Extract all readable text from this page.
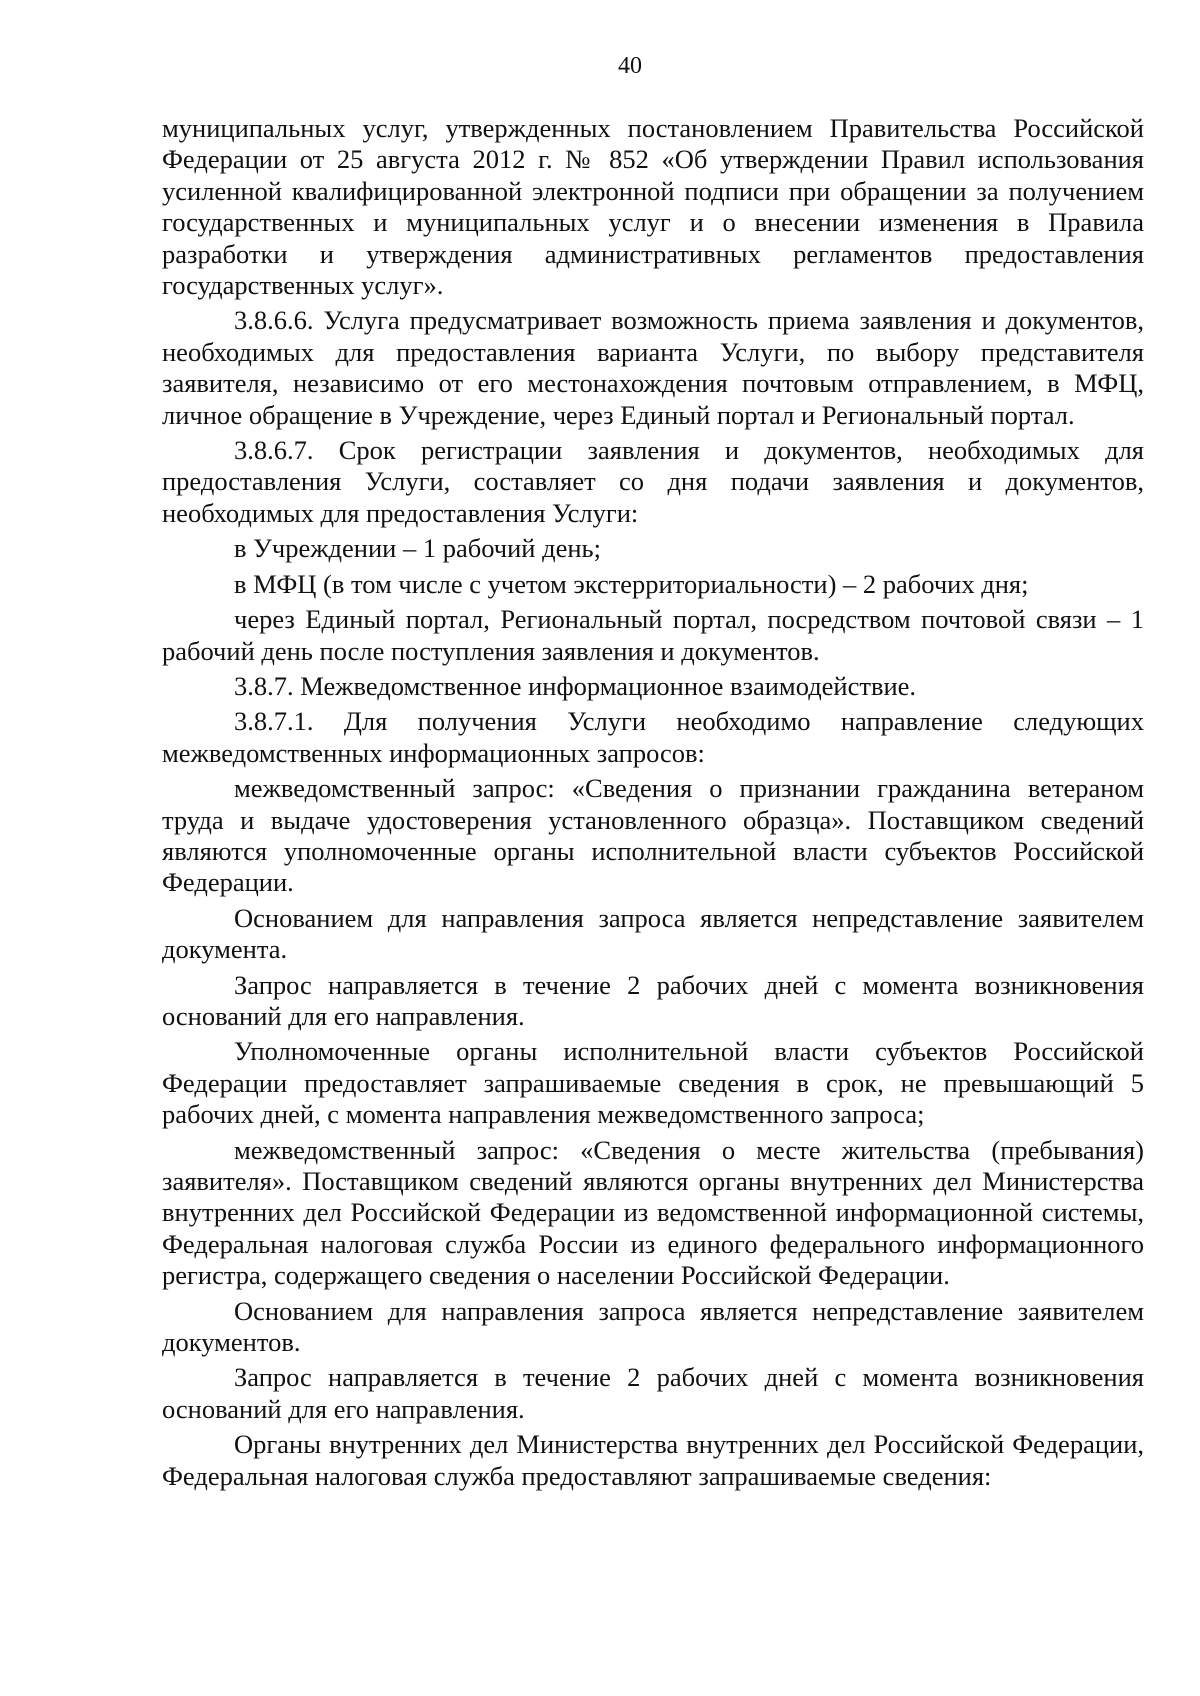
40

муниципальных услуг, утвержденных постановлением Правительства Российской Федерации от 25 августа 2012 г. № 852 «Об утверждении Правил использования усиленной квалифицированной электронной подписи при обращении за получением государственных и муниципальных услуг и о внесении изменения в Правила разработки и утверждения административных регламентов предоставления государственных услуг».

3.8.6.6. Услуга предусматривает возможность приема заявления и документов, необходимых для предоставления варианта Услуги, по выбору представителя заявителя, независимо от его местонахождения почтовым отправлением, в МФЦ, личное обращение в Учреждение, через Единый портал и Региональный портал.

3.8.6.7. Срок регистрации заявления и документов, необходимых для предоставления Услуги, составляет со дня подачи заявления и документов, необходимых для предоставления Услуги:

в Учреждении – 1 рабочий день;

в МФЦ (в том числе с учетом экстерриториальности) – 2 рабочих дня;

через Единый портал, Региональный портал, посредством почтовой связи – 1 рабочий день после поступления заявления и документов.

3.8.7. Межведомственное информационное взаимодействие.

3.8.7.1. Для получения Услуги необходимо направление следующих межведомственных информационных запросов:

межведомственный запрос: «Сведения о признании гражданина ветераном труда и выдаче удостоверения установленного образца». Поставщиком сведений являются уполномоченные органы исполнительной власти субъектов Российской Федерации.

Основанием для направления запроса является непредставление заявителем документа.

Запрос направляется в течение 2 рабочих дней с момента возникновения оснований для его направления.

Уполномоченные органы исполнительной власти субъектов Российской Федерации предоставляет запрашиваемые сведения в срок, не превышающий 5 рабочих дней, с момента направления межведомственного запроса;

межведомственный запрос: «Сведения о месте жительства (пребывания) заявителя». Поставщиком сведений являются органы внутренних дел Министерства внутренних дел Российской Федерации из ведомственной информационной системы, Федеральная налоговая служба России из единого федерального информационного регистра, содержащего сведения о населении Российской Федерации.

Основанием для направления запроса является непредставление заявителем документов.

Запрос направляется в течение 2 рабочих дней с момента возникновения оснований для его направления.

Органы внутренних дел Министерства внутренних дел Российской Федерации, Федеральная налоговая служба предоставляют запрашиваемые сведения:
